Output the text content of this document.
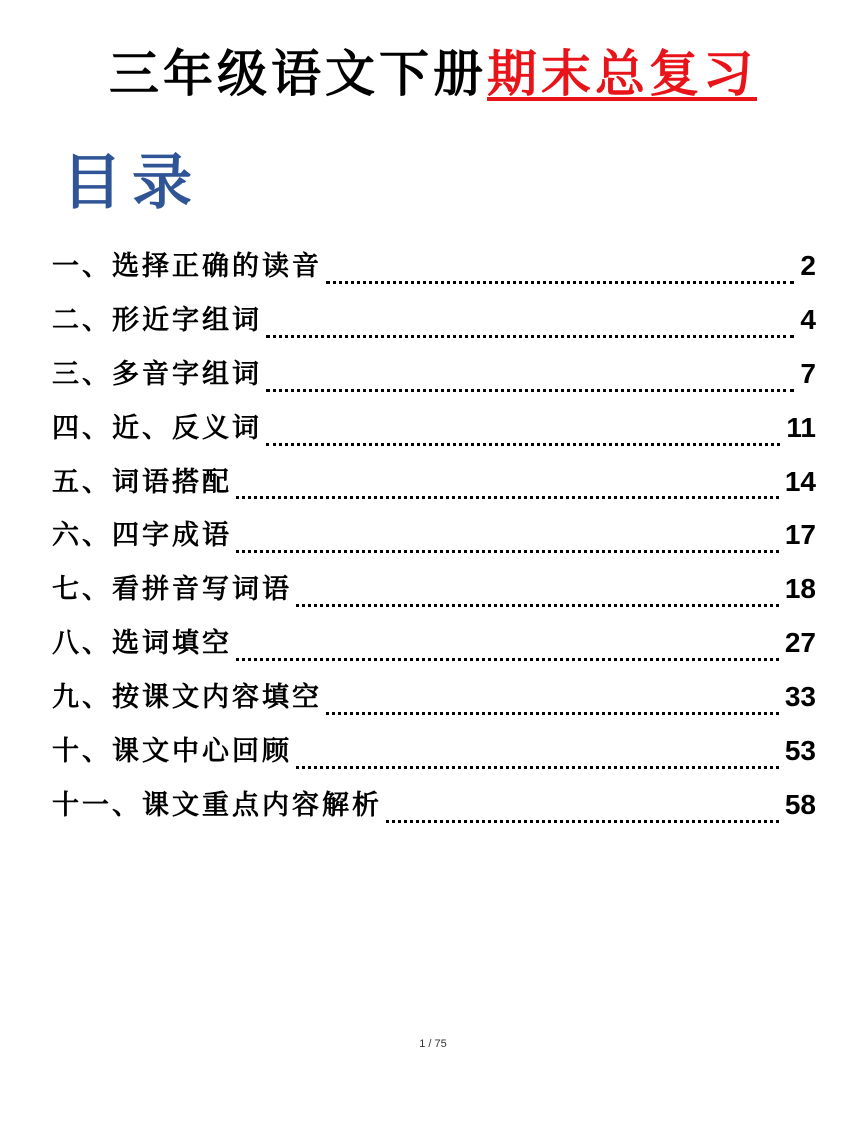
三年级语文下册期末总复习
目录
一、选择正确的读音	2
二、形近字组词	4
三、多音字组词	7
四、近、反义词	11
五、词语搭配	14
六、四字成语	17
七、看拼音写词语	18
八、选词填空	27
九、按课文内容填空	33
十、课文中心回顾	53
十一、课文重点内容解析	58
1 / 75
